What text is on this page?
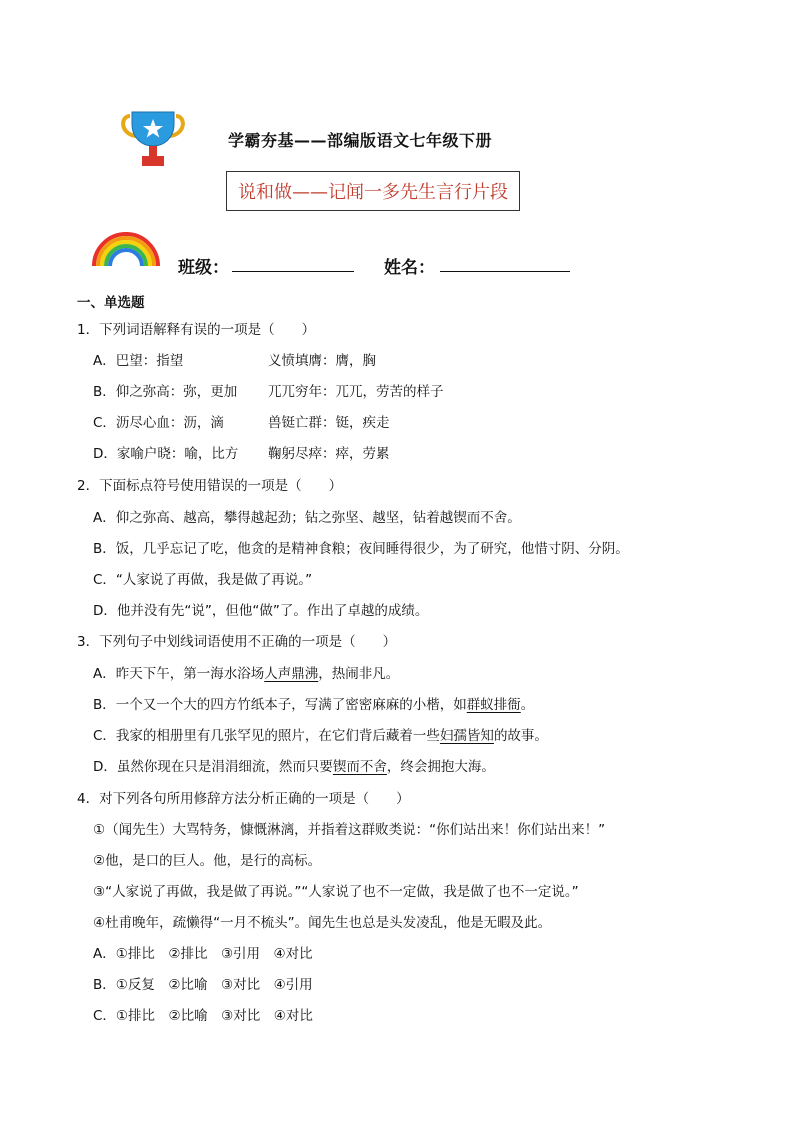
学霸夯基——部编版语文七年级下册
说和做——记闻一多先生言行片段
班级：	姓名：
一、单选题
1．下列词语解释有误的一项是（　　）
A．巴望：指望	义愤填膺：膺，胸
B．仰之弥高：弥，更加 兀兀穷年：兀兀，劳苦的样子
C．沥尽心血：沥，滴	兽铤亡群：铤，疾走
D．家喻户晓：喻，比方 鞠躬尽瘁：瘁，劳累
2．下面标点符号使用错误的一项是（　　）
A．仰之弥高、越高，攀得越起劲；钻之弥坚、越坚，钻着越锲而不舍。
B．饭，几乎忘记了吃，他贪的是精神食粮；夜间睡得很少，为了研究，他惜寸阴、分阴。
C．“人家说了再做，我是做了再说。”
D．他并没有先“说”，但他“做”了。作出了卓越的成绩。
3．下列句子中划线词语使用不正确的一项是（　　）
A．昨天下午，第一海水浴场人声鼎沸，热闹非凡。
B．一个又一个大的四方竹纸本子，写满了密密麻麻的小楷，如群蚁排衙。
C．我家的相册里有几张罕见的照片，在它们背后藏着一些妇孺皆知的故事。
D．虽然你现在只是涓涓细流，然而只要锲而不舍，终会拥抱大海。
4．对下列各句所用修辞方法分析正确的一项是（　　）
①（闻先生）大骂特务，慷慨淋漓，并指着这群败类说：“你们站出来！你们站出来！”
②他，是口的巨人。他，是行的高标。
③“人家说了再做，我是做了再说。”“人家说了也不一定做，我是做了也不一定说。”
④杜甫晚年，疏懒得“一月不梳头”。闻先生也总是头发凌乱，他是无暇及此。
A．①排比　②排比　③引用　④对比
B．①反复　②比喻　③对比　④引用
C．①排比　②比喻　③对比　④对比
